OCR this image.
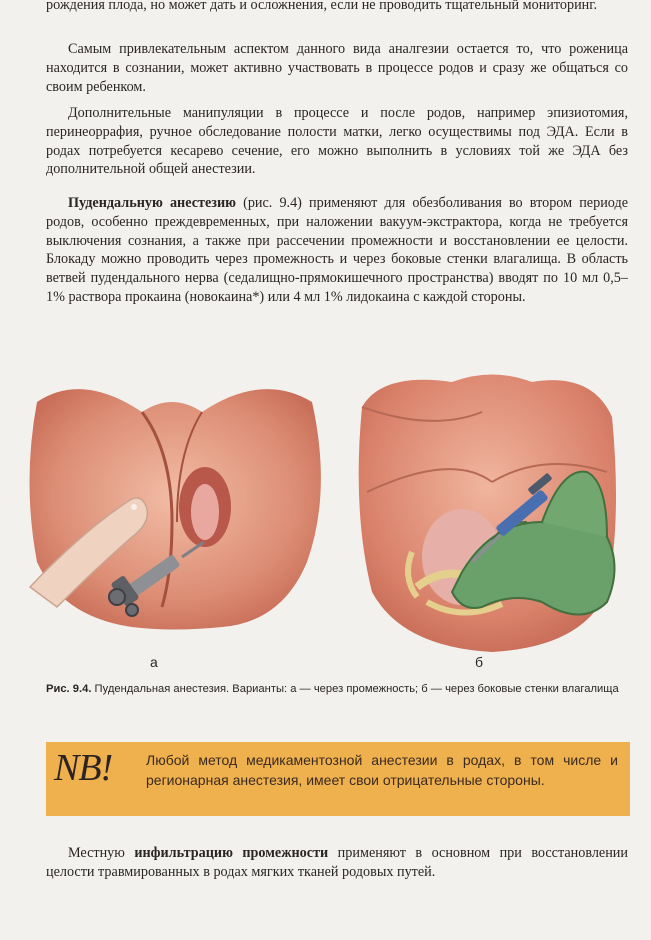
рождения плода, но может дать и осложнения, если не проводить тщательный мониторинг.

Самым привлекательным аспектом данного вида аналгезии остается то, что роженица находится в сознании, может активно участвовать в процессе родов и сразу же общаться со своим ребенком.

Дополнительные манипуляции в процессе и после родов, например эпизиотомия, перинеоррафия, ручное обследование полости матки, легко осуществимы под ЭДА. Если в родах потребуется кесарево сечение, его можно выполнить в условиях той же ЭДА без дополнительной общей анестезии.

Пудендальную анестезию (рис. 9.4) применяют для обезболивания во втором периоде родов, особенно преждевременных, при наложении вакуум-экстрактора, когда не требуется выключения сознания, а также при рассечении промежности и восстановлении ее целости. Блокаду можно проводить через промежность и через боковые стенки влагалища. В область ветвей пудендального нерва (седалищно-прямокишечного пространства) вводят по 10 мл 0,5–1% раствора прокаина (новокаина*) или 4 мл 1% лидокаина с каждой стороны.

а	б
Рис. 9.4. Пудендальная анестезия. Варианты: а — через промежность; б — через боковые стенки влагалища
NB! Любой метод медикаментозной анестезии в родах, в том числе и регионарная анестезия, имеет свои отрицательные стороны.

Местную инфильтрацию промежности применяют в основном при восстановлении целости травмированных в родах мягких тканей родовых путей.
